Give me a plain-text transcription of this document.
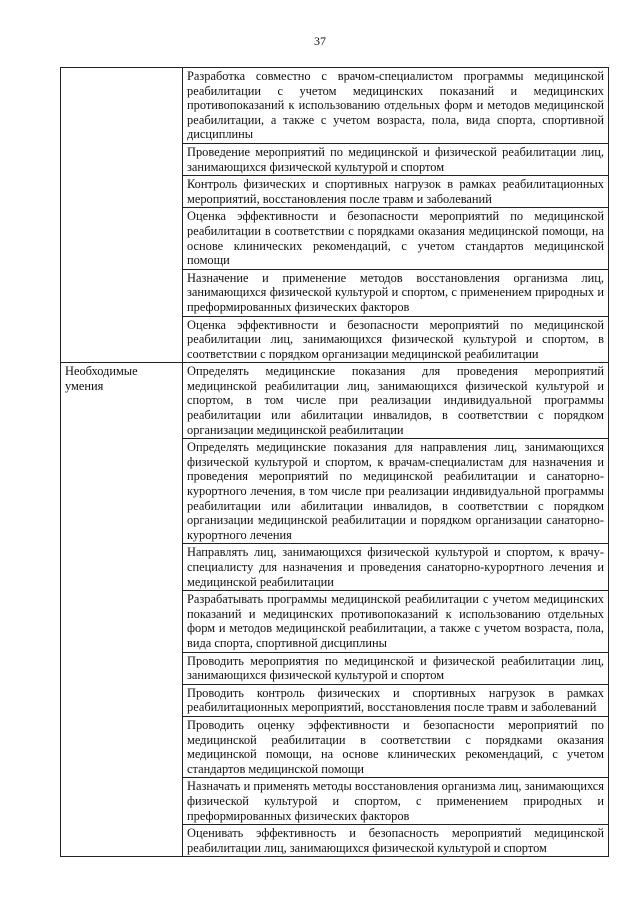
37

	Разработка совместно с врачом-специалистом программы медицинской реабилитации с учетом медицинских показаний и медицинских противопоказаний к использованию отдельных форм и методов медицинской реабилитации, а также с учетом возраста, пола, вида спорта, спортивной дисциплины

	Проведение мероприятий по медицинской и физической реабилитации лиц, занимающихся физической культурой и спортом

	Контроль физических и спортивных нагрузок в рамках реабилитационных мероприятий, восстановления после травм и заболеваний

	Оценка эффективности и безопасности мероприятий по медицинской реабилитации в соответствии с порядками оказания медицинской помощи, на основе клинических рекомендаций, с учетом стандартов медицинской помощи

	Назначение и применение методов восстановления организма лиц, занимающихся физической культурой и спортом, с применением природных и преформированных физических факторов

	Оценка эффективности и безопасности мероприятий по медицинской реабилитации лиц, занимающихся физической культурой и спортом, в соответствии с порядком организации медицинской реабилитации

Необходимые умения	Определять медицинские показания для проведения мероприятий медицинской реабилитации лиц, занимающихся физической культурой и спортом, в том числе при реализации индивидуальной программы реабилитации или абилитации инвалидов, в соответствии с порядком организации медицинской реабилитации

	Определять медицинские показания для направления лиц, занимающихся физической культурой и спортом, к врачам-специалистам для назначения и проведения мероприятий по медицинской реабилитации и санаторно-курортного лечения, в том числе при реализации индивидуальной программы реабилитации или абилитации инвалидов, в соответствии с порядком организации медицинской реабилитации и порядком организации санаторно-курортного лечения

	Направлять лиц, занимающихся физической культурой и спортом, к врачу-специалисту для назначения и проведения санаторно-курортного лечения и медицинской реабилитации

	Разрабатывать программы медицинской реабилитации с учетом медицинских показаний и медицинских противопоказаний к использованию отдельных форм и методов медицинской реабилитации, а также с учетом возраста, пола, вида спорта, спортивной дисциплины

	Проводить мероприятия по медицинской и физической реабилитации лиц, занимающихся физической культурой и спортом

	Проводить контроль физических и спортивных нагрузок в рамках реабилитационных мероприятий, восстановления после травм и заболеваний

	Проводить оценку эффективности и безопасности мероприятий по медицинской реабилитации в соответствии с порядками оказания медицинской помощи, на основе клинических рекомендаций, с учетом стандартов медицинской помощи

	Назначать и применять методы восстановления организма лиц, занимающихся физической культурой и спортом, с применением природных и преформированных физических факторов

	Оценивать эффективность и безопасность мероприятий медицинской реабилитации лиц, занимающихся физической культурой и спортом
